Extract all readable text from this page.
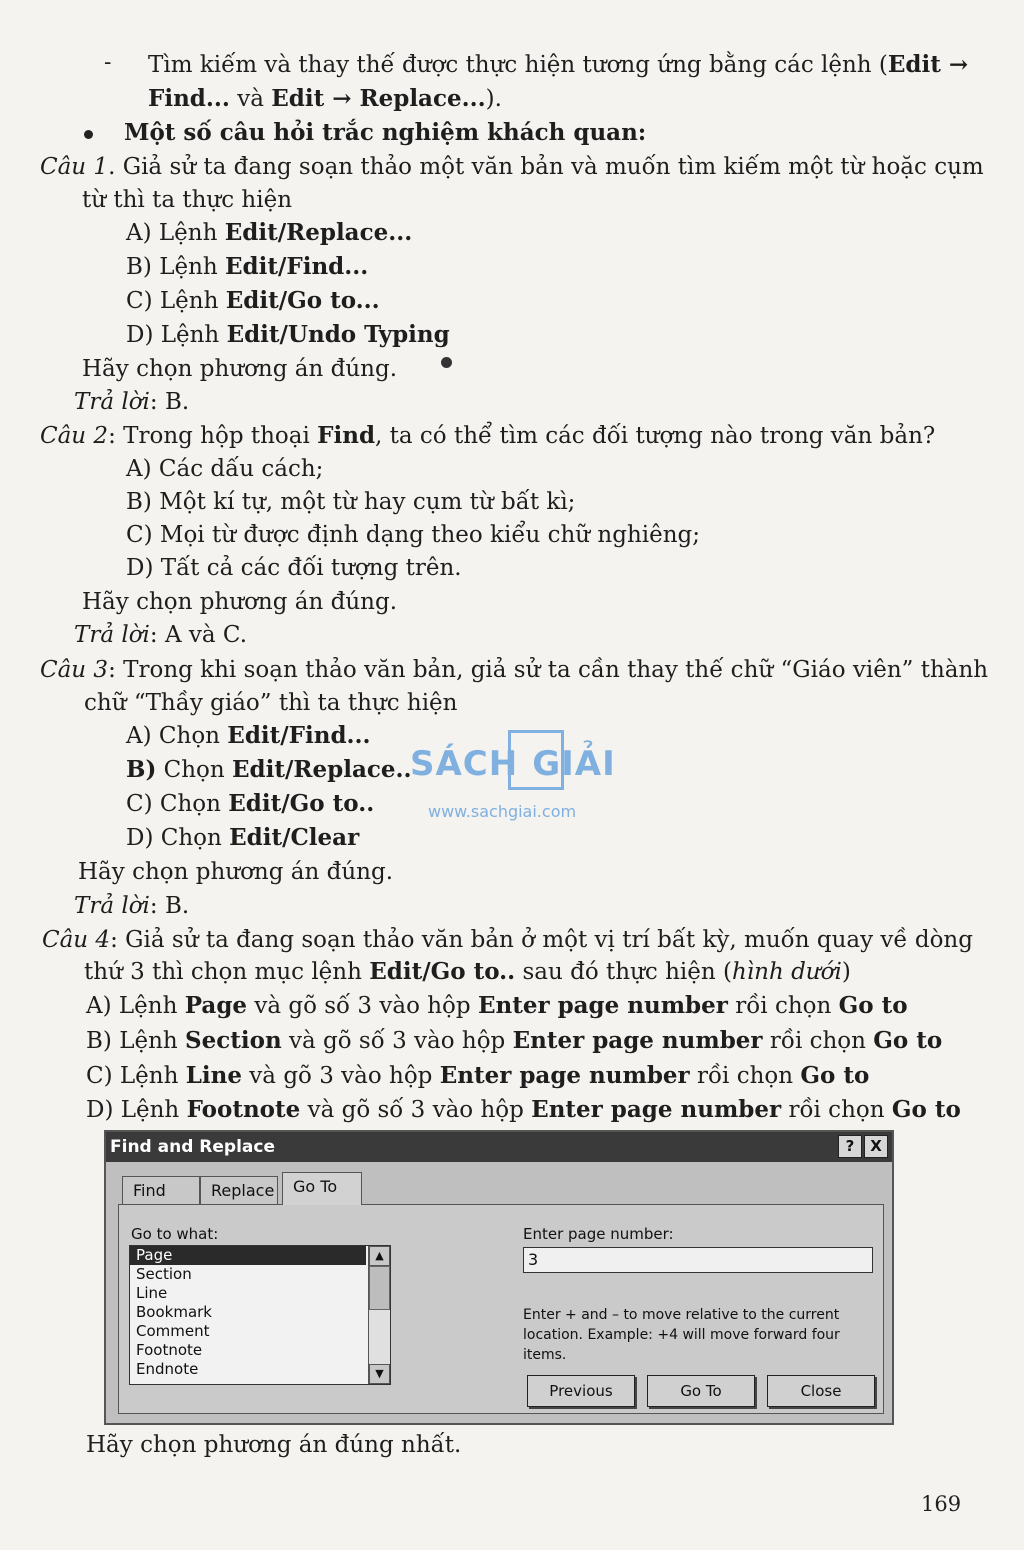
- Tìm kiếm và thay thế được thực hiện tương ứng bằng các lệnh (Edit →
Find... và Edit → Replace...).
Một số câu hỏi trắc nghiệm khách quan:
Câu 1. Giả sử ta đang soạn thảo một văn bản và muốn tìm kiếm một từ hoặc cụm
từ thì ta thực hiện
A) Lệnh Edit/Replace...
B) Lệnh Edit/Find...
C) Lệnh Edit/Go to...
D) Lệnh Edit/Undo Typing
Hãy chọn phương án đúng.
Trả lời: B.
Câu 2: Trong hộp thoại Find, ta có thể tìm các đối tượng nào trong văn bản?
A) Các dấu cách;
B) Một kí tự, một từ hay cụm từ bất kì;
C) Mọi từ được định dạng theo kiểu chữ nghiêng;
D) Tất cả các đối tượng trên.
Hãy chọn phương án đúng.
Trả lời: A và C.
Câu 3: Trong khi soạn thảo văn bản, giả sử ta cần thay thế chữ “Giáo viên” thành
chữ “Thầy giáo” thì ta thực hiện
A) Chọn Edit/Find...
B) Chọn Edit/Replace..
C) Chọn Edit/Go to..
D) Chọn Edit/Clear
Hãy chọn phương án đúng.
Trả lời: B.
SÁCH GIẢI
www.sachgiai.com
Câu 4: Giả sử ta đang soạn thảo văn bản ở một vị trí bất kỳ, muốn quay về dòng
thứ 3 thì chọn mục lệnh Edit/Go to.. sau đó thực hiện (hình dưới)
A) Lệnh Page và gõ số 3 vào hộp Enter page number rồi chọn Go to
B) Lệnh Section và gõ số 3 vào hộp Enter page number rồi chọn Go to
C) Lệnh Line và gõ 3 vào hộp Enter page number rồi chọn Go to
D) Lệnh Footnote và gõ số 3 vào hộp Enter page number rồi chọn Go to
Find and Replace	?	X
Find	Replace	Go To
Go to what:
Page
Section
Line
Bookmark
Comment
Footnote
Endnote
▲
▼
Enter page number:
3
Enter + and – to move relative to the current location. Example: +4 will move forward four items.
Previous	Go To	Close
Hãy chọn phương án đúng nhất.
169
